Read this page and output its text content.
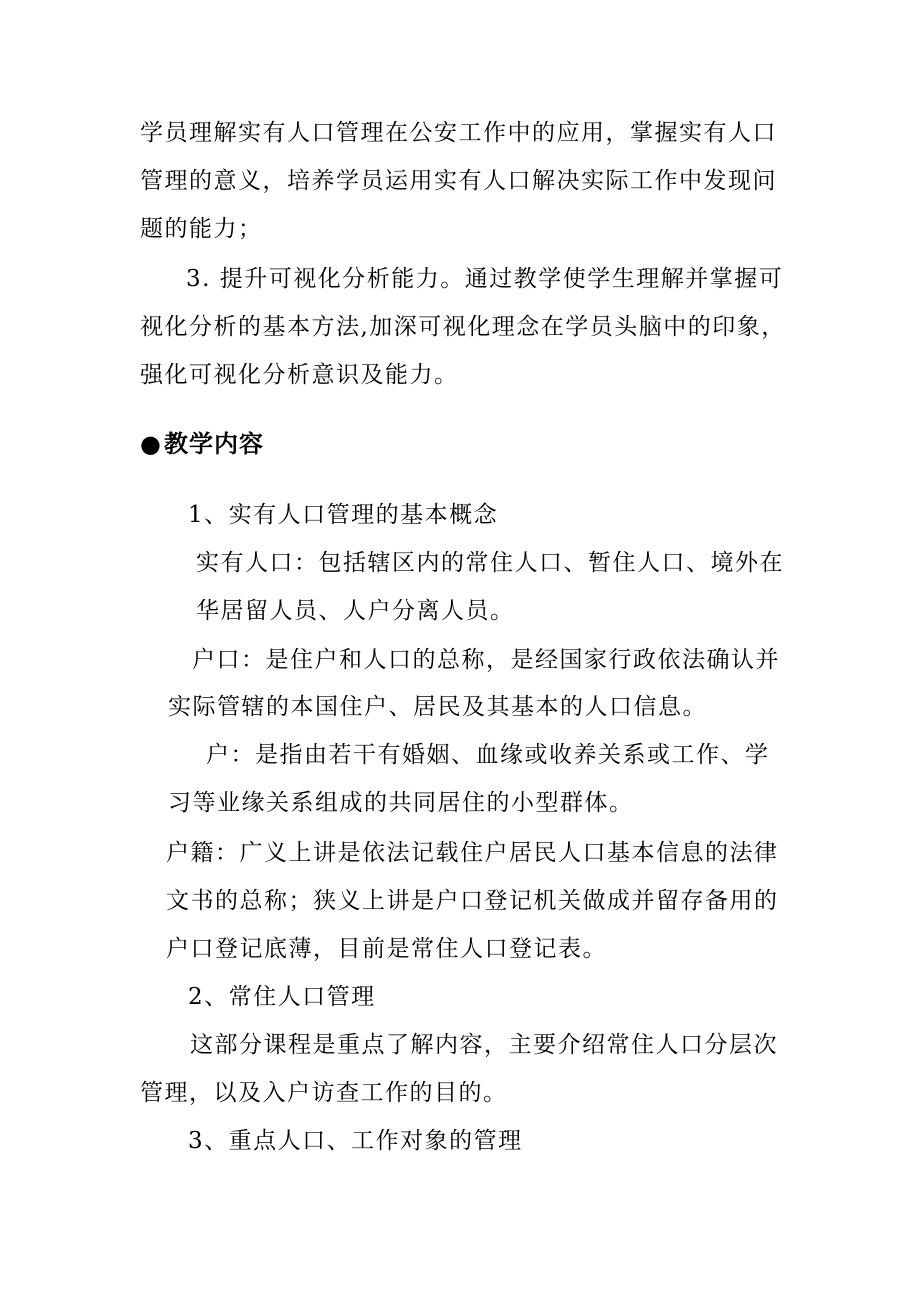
学员理解实有人口管理在公安工作中的应用，掌握实有人口
管理的意义，培养学员运用实有人口解决实际工作中发现问
题的能力；
3. 提升可视化分析能力。通过教学使学生理解并掌握可
视化分析的基本方法,加深可视化理念在学员头脑中的印象，
强化可视化分析意识及能力。
●教学内容
1、实有人口管理的基本概念
实有人口：包括辖区内的常住人口、暂住人口、境外在
华居留人员、人户分离人员。
户口：是住户和人口的总称，是经国家行政依法确认并
实际管辖的本国住户、居民及其基本的人口信息。
户：是指由若干有婚姻、血缘或收养关系或工作、学
习等业缘关系组成的共同居住的小型群体。
户籍：广义上讲是依法记载住户居民人口基本信息的法律
文书的总称；狭义上讲是户口登记机关做成并留存备用的
户口登记底薄，目前是常住人口登记表。
2、常住人口管理
这部分课程是重点了解内容，主要介绍常住人口分层次
管理，以及入户访查工作的目的。
3、重点人口、工作对象的管理
